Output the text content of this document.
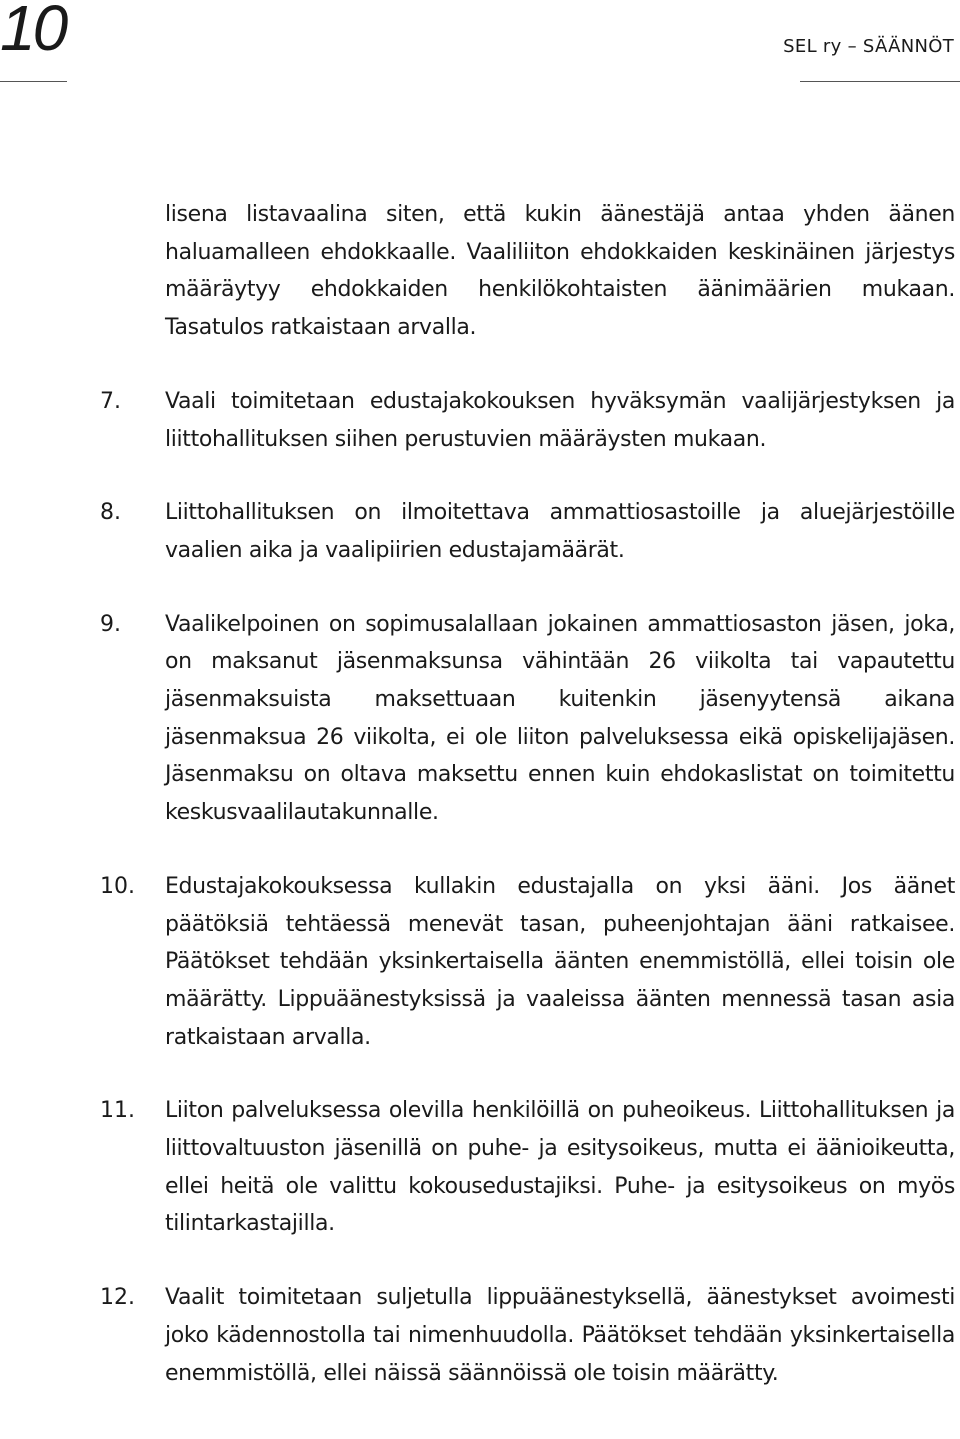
10	SEL ry – SÄÄNNÖT
lisena listavaalina siten, että kukin äänestäjä antaa yhden äänen haluamalleen ehdokkaalle. Vaaliliiton ehdokkaiden keskinäinen järjestys määräytyy ehdokkaiden henkilökohtaisten äänimäärien mukaan. Tasatulos ratkaistaan arvalla.
7.	Vaali toimitetaan edustajakokouksen hyväksymän vaalijärjestyksen ja liittohallituksen siihen perustuvien määräysten mukaan.
8.	Liittohallituksen on ilmoitettava ammattiosastoille ja aluejärjestöille vaalien aika ja vaalipiirien edustajamäärät.
9.	Vaalikelpoinen on sopimusalallaan jokainen ammattiosaston jäsen, joka, on maksanut jäsenmaksunsa vähintään 26 viikolta tai vapautettu jäsenmaksuista maksettuaan kuitenkin jäsenyytensä aikana jäsenmaksua 26 viikolta, ei ole liiton palveluksessa eikä opiskelijajäsen. Jäsenmaksu on oltava maksettu ennen kuin ehdokaslistat on toimitettu keskusvaalilautakunnalle.
10.	Edustajakokouksessa kullakin edustajalla on yksi ääni. Jos äänet päätöksiä tehtäessä menevät tasan, puheenjohtajan ääni ratkaisee. Päätökset tehdään yksinkertaisella äänten enemmistöllä, ellei toisin ole määrätty. Lippuäänestyksissä ja vaaleissa äänten mennessä tasan asia ratkaistaan arvalla.
11.	Liiton palveluksessa olevilla henkilöillä on puheoikeus. Liittohallituksen ja liittovaltuuston jäsenillä on puhe- ja esitysoikeus, mutta ei äänioikeutta, ellei heitä ole valittu kokousedustajiksi. Puhe- ja esitysoikeus on myös tilintarkastajilla.
12.	Vaalit toimitetaan suljetulla lippuäänestyksellä, äänestykset avoimesti joko kädennostolla tai nimenhuudolla. Päätökset tehdään yksinkertaisella enemmistöllä, ellei näissä säännöissä ole toisin määrätty.
